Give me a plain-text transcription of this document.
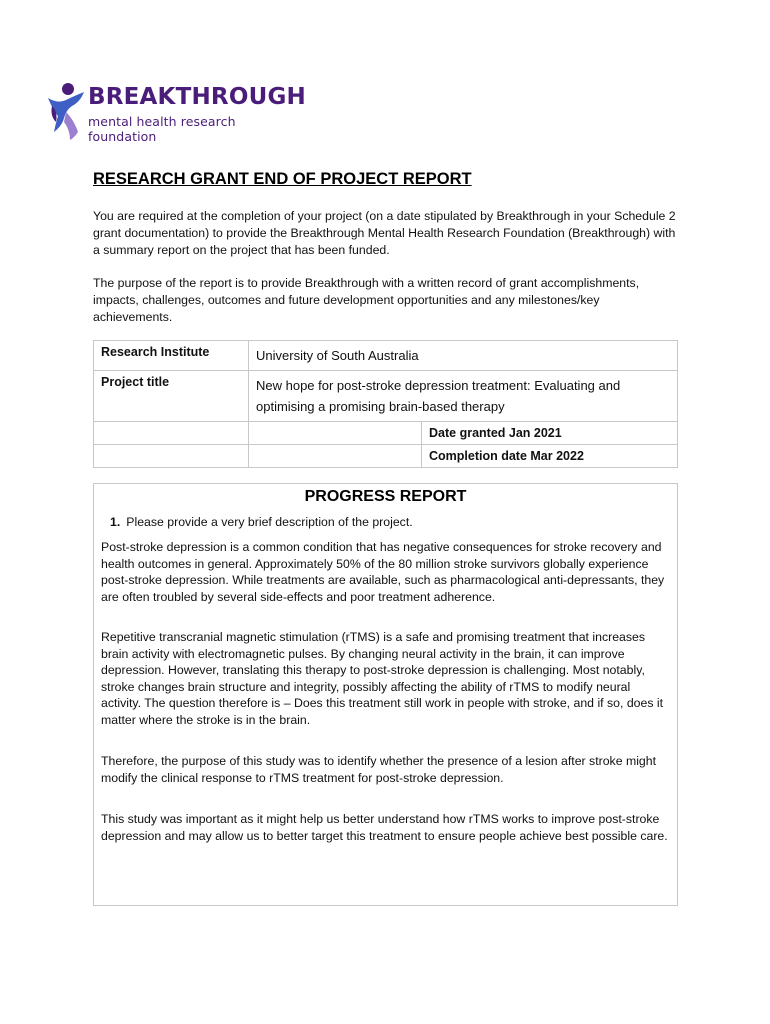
BREAKTHROUGH
mental health research foundation
RESEARCH GRANT END OF PROJECT REPORT
You are required at the completion of your project (on a date stipulated by Breakthrough in your Schedule 2 grant documentation) to provide the Breakthrough Mental Health Research Foundation (Breakthrough) with a summary report on the project that has been funded.
The purpose of the report is to provide Breakthrough with a written record of grant accomplishments, impacts, challenges, outcomes and future development opportunities and any milestones/key achievements.
Research Institute	University of South Australia	
Project title	New hope for post-stroke depression treatment: Evaluating and optimising a promising brain-based therapy	
		Date granted Jan 2021
		Completion date Mar 2022
PROGRESS REPORT
1. Please provide a very brief description of the project.
Post-stroke depression is a common condition that has negative consequences for stroke recovery and health outcomes in general. Approximately 50% of the 80 million stroke survivors globally experience post-stroke depression. While treatments are available, such as pharmacological anti-depressants, they are often troubled by several side-effects and poor treatment adherence.
Repetitive transcranial magnetic stimulation (rTMS) is a safe and promising treatment that increases brain activity with electromagnetic pulses. By changing neural activity in the brain, it can improve depression. However, translating this therapy to post-stroke depression is challenging. Most notably, stroke changes brain structure and integrity, possibly affecting the ability of rTMS to modify neural activity. The question therefore is – Does this treatment still work in people with stroke, and if so, does it matter where the stroke is in the brain.
Therefore, the purpose of this study was to identify whether the presence of a lesion after stroke might modify the clinical response to rTMS treatment for post-stroke depression.
This study was important as it might help us better understand how rTMS works to improve post-stroke depression and may allow us to better target this treatment to ensure people achieve best possible care.
